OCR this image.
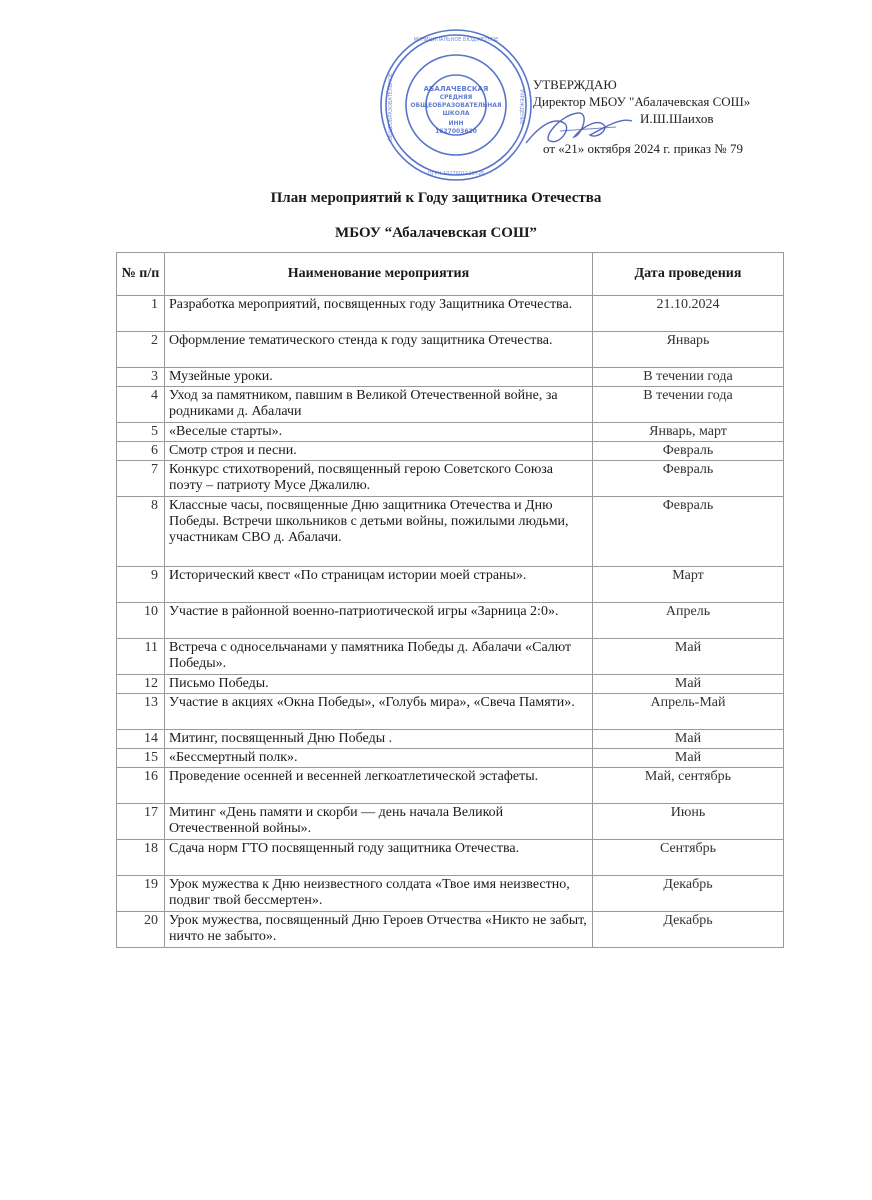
АБАЛАЧЕВСКАЯ
СРЕДНЯЯ
ОБЩЕОБРАЗОВАТЕЛЬНАЯ
ШКОЛА
ИНН
1627003620
МУНИЦИПАЛЬНОЕ БЮДЖЕТНОЕ
ОГРН 1027601119726
ОБЩЕОБРАЗОВАТЕЛЬНОЕ	УЧРЕЖДЕНИЕ
УТВЕРЖДАЮ
Директор МБОУ "Абалачевская СОШ»
И.Ш.Шаихов
от «21» октября 2024 г. приказ № 79
План мероприятий к Году защитника Отечества
МБОУ “Абалачевская СОШ”
№ п/п	Наименование мероприятия	Дата проведения
1	Разработка мероприятий, посвященных году Защитника Отечества.	21.10.2024
2	Оформление тематического стенда к году защитника Отечества.	Январь
3	Музейные уроки.	В течении года
4	Уход за памятником, павшим в Великой Отечественной войне, за родниками д. Абалачи	В течении года
5	«Веселые старты».	Январь, март
6	Смотр строя и песни.	Февраль
7	Конкурс стихотворений, посвященный герою Советского Союза поэту – патриоту Мусе Джалилю.	Февраль
8	Классные часы, посвященные Дню защитника Отечества и Дню Победы. Встречи школьников с детьми войны, пожилыми людьми, участникам СВО д. Абалачи.	Февраль
9	Исторический квест «По страницам истории моей страны».	Март
10	Участие в районной военно-патриотической игры «Зарница 2:0».	Апрель
11	Встреча с односельчанами у памятника Победы д. Абалачи «Салют Победы».	Май
12	Письмо Победы.	Май
13	Участие в акциях «Окна Победы», «Голубь мира», «Свеча Памяти».	Апрель-Май
14	Митинг, посвященный Дню Победы .	Май
15	«Бессмертный полк».	Май
16	Проведение осенней и весенней легкоатлетической эстафеты.	Май, сентябрь
17	Митинг «День памяти и скорби — день начала Великой Отечественной войны».	Июнь
18	Сдача норм ГТО посвященный году защитника Отечества.	Сентябрь
19	Урок мужества к Дню неизвестного солдата «Твое имя неизвестно, подвиг твой бессмертен».	Декабрь
20	Урок мужества, посвященный Дню Героев Отчества «Никто не забыт, ничто не забыто».	Декабрь
